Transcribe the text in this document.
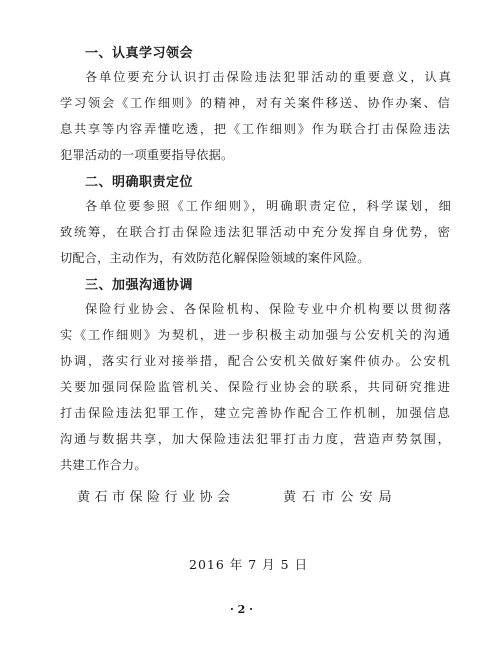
一、认真学习领会
各单位要充分认识打击保险违法犯罪活动的重要意义，认真
学习领会《工作细则》的精神，对有关案件移送、协作办案、信
息共享等内容弄懂吃透，把《工作细则》作为联合打击保险违法
犯罪活动的一项重要指导依据。
二、明确职责定位
各单位要参照《工作细则》，明确职责定位，科学谋划，细
致统筹，在联合打击保险违法犯罪活动中充分发挥自身优势，密
切配合，主动作为，有效防范化解保险领域的案件风险。
三、加强沟通协调
保险行业协会、各保险机构、保险专业中介机构要以贯彻落
实《工作细则》为契机，进一步积极主动加强与公安机关的沟通
协调，落实行业对接举措，配合公安机关做好案件侦办。公安机
关要加强同保险监管机关、保险行业协会的联系，共同研究推进
打击保险违法犯罪工作，建立完善协作配合工作机制，加强信息
沟通与数据共享，加大保险违法犯罪打击力度，营造声势氛围，
共建工作合力。
黄石市保险行业协会	黄 石 市 公 安 局
2016 年 7 月 5 日
· 2 ·
